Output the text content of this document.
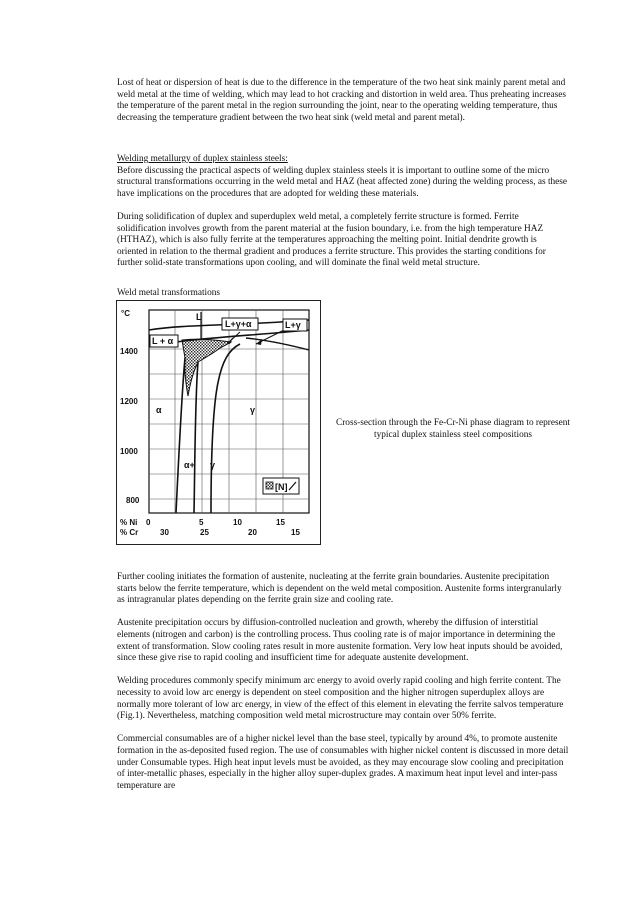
Lost of heat or dispersion of heat is due to the difference in the temperature of the two heat sink mainly parent metal and weld metal at the time of welding, which may lead to hot cracking and distortion in weld area. Thus preheating increases the temperature of the parent metal in the region surrounding the joint, near to the operating welding temperature, thus decreasing the temperature gradient between the two heat sink (weld metal and parent metal).

Welding metallurgy of duplex stainless steels:

Before discussing the practical aspects of welding duplex stainless steels it is important to outline some of the micro structural transformations occurring in the weld metal and HAZ (heat affected zone) during the welding process, as these have implications on the procedures that are adopted for welding these materials.

During solidification of duplex and superduplex weld metal, a completely ferrite structure is formed. Ferrite solidification involves growth from the parent material at the fusion boundary, i.e. from the high temperature HAZ (HTHAZ), which is also fully ferrite at the temperatures approaching the melting point. Initial dendrite growth is oriented in relation to the thermal gradient and produces a ferrite structure. This provides the starting conditions for further solid-state transformations upon cooling, and will dominate the final weld metal structure.

Weld metal transformations

°C
1400
1200
1000
800
L+γ+α	L+γ
L + α
L
α	γ
α+ γ
[N]
% Ni
% Cr
0	5	10	15
30	25	20	15
Cross-section through the Fe-Cr-Ni phase diagram to represent typical duplex stainless steel compositions

Further cooling initiates the formation of austenite, nucleating at the ferrite grain boundaries. Austenite precipitation starts below the ferrite temperature, which is dependent on the weld metal composition. Austenite forms intergranularly as intragranular plates depending on the ferrite grain size and cooling rate.

Austenite precipitation occurs by diffusion-controlled nucleation and growth, whereby the diffusion of interstitial elements (nitrogen and carbon) is the controlling process. Thus cooling rate is of major importance in determining the extent of transformation. Slow cooling rates result in more austenite formation. Very low heat inputs should be avoided, since these give rise to rapid cooling and insufficient time for adequate austenite development.

Welding procedures commonly specify minimum arc energy to avoid overly rapid cooling and high ferrite content. The necessity to avoid low arc energy is dependent on steel composition and the higher nitrogen superduplex alloys are normally more tolerant of low arc energy, in view of the effect of this element in elevating the ferrite salvos temperature (Fig.1). Nevertheless, matching composition weld metal microstructure may contain over 50% ferrite.

Commercial consumables are of a higher nickel level than the base steel, typically by around 4%, to promote austenite formation in the as-deposited fused region. The use of consumables with higher nickel content is discussed in more detail under Consumable types. High heat input levels must be avoided, as they may encourage slow cooling and precipitation of inter-metallic phases, especially in the higher alloy super-duplex grades. A maximum heat input level and inter-pass temperature are
